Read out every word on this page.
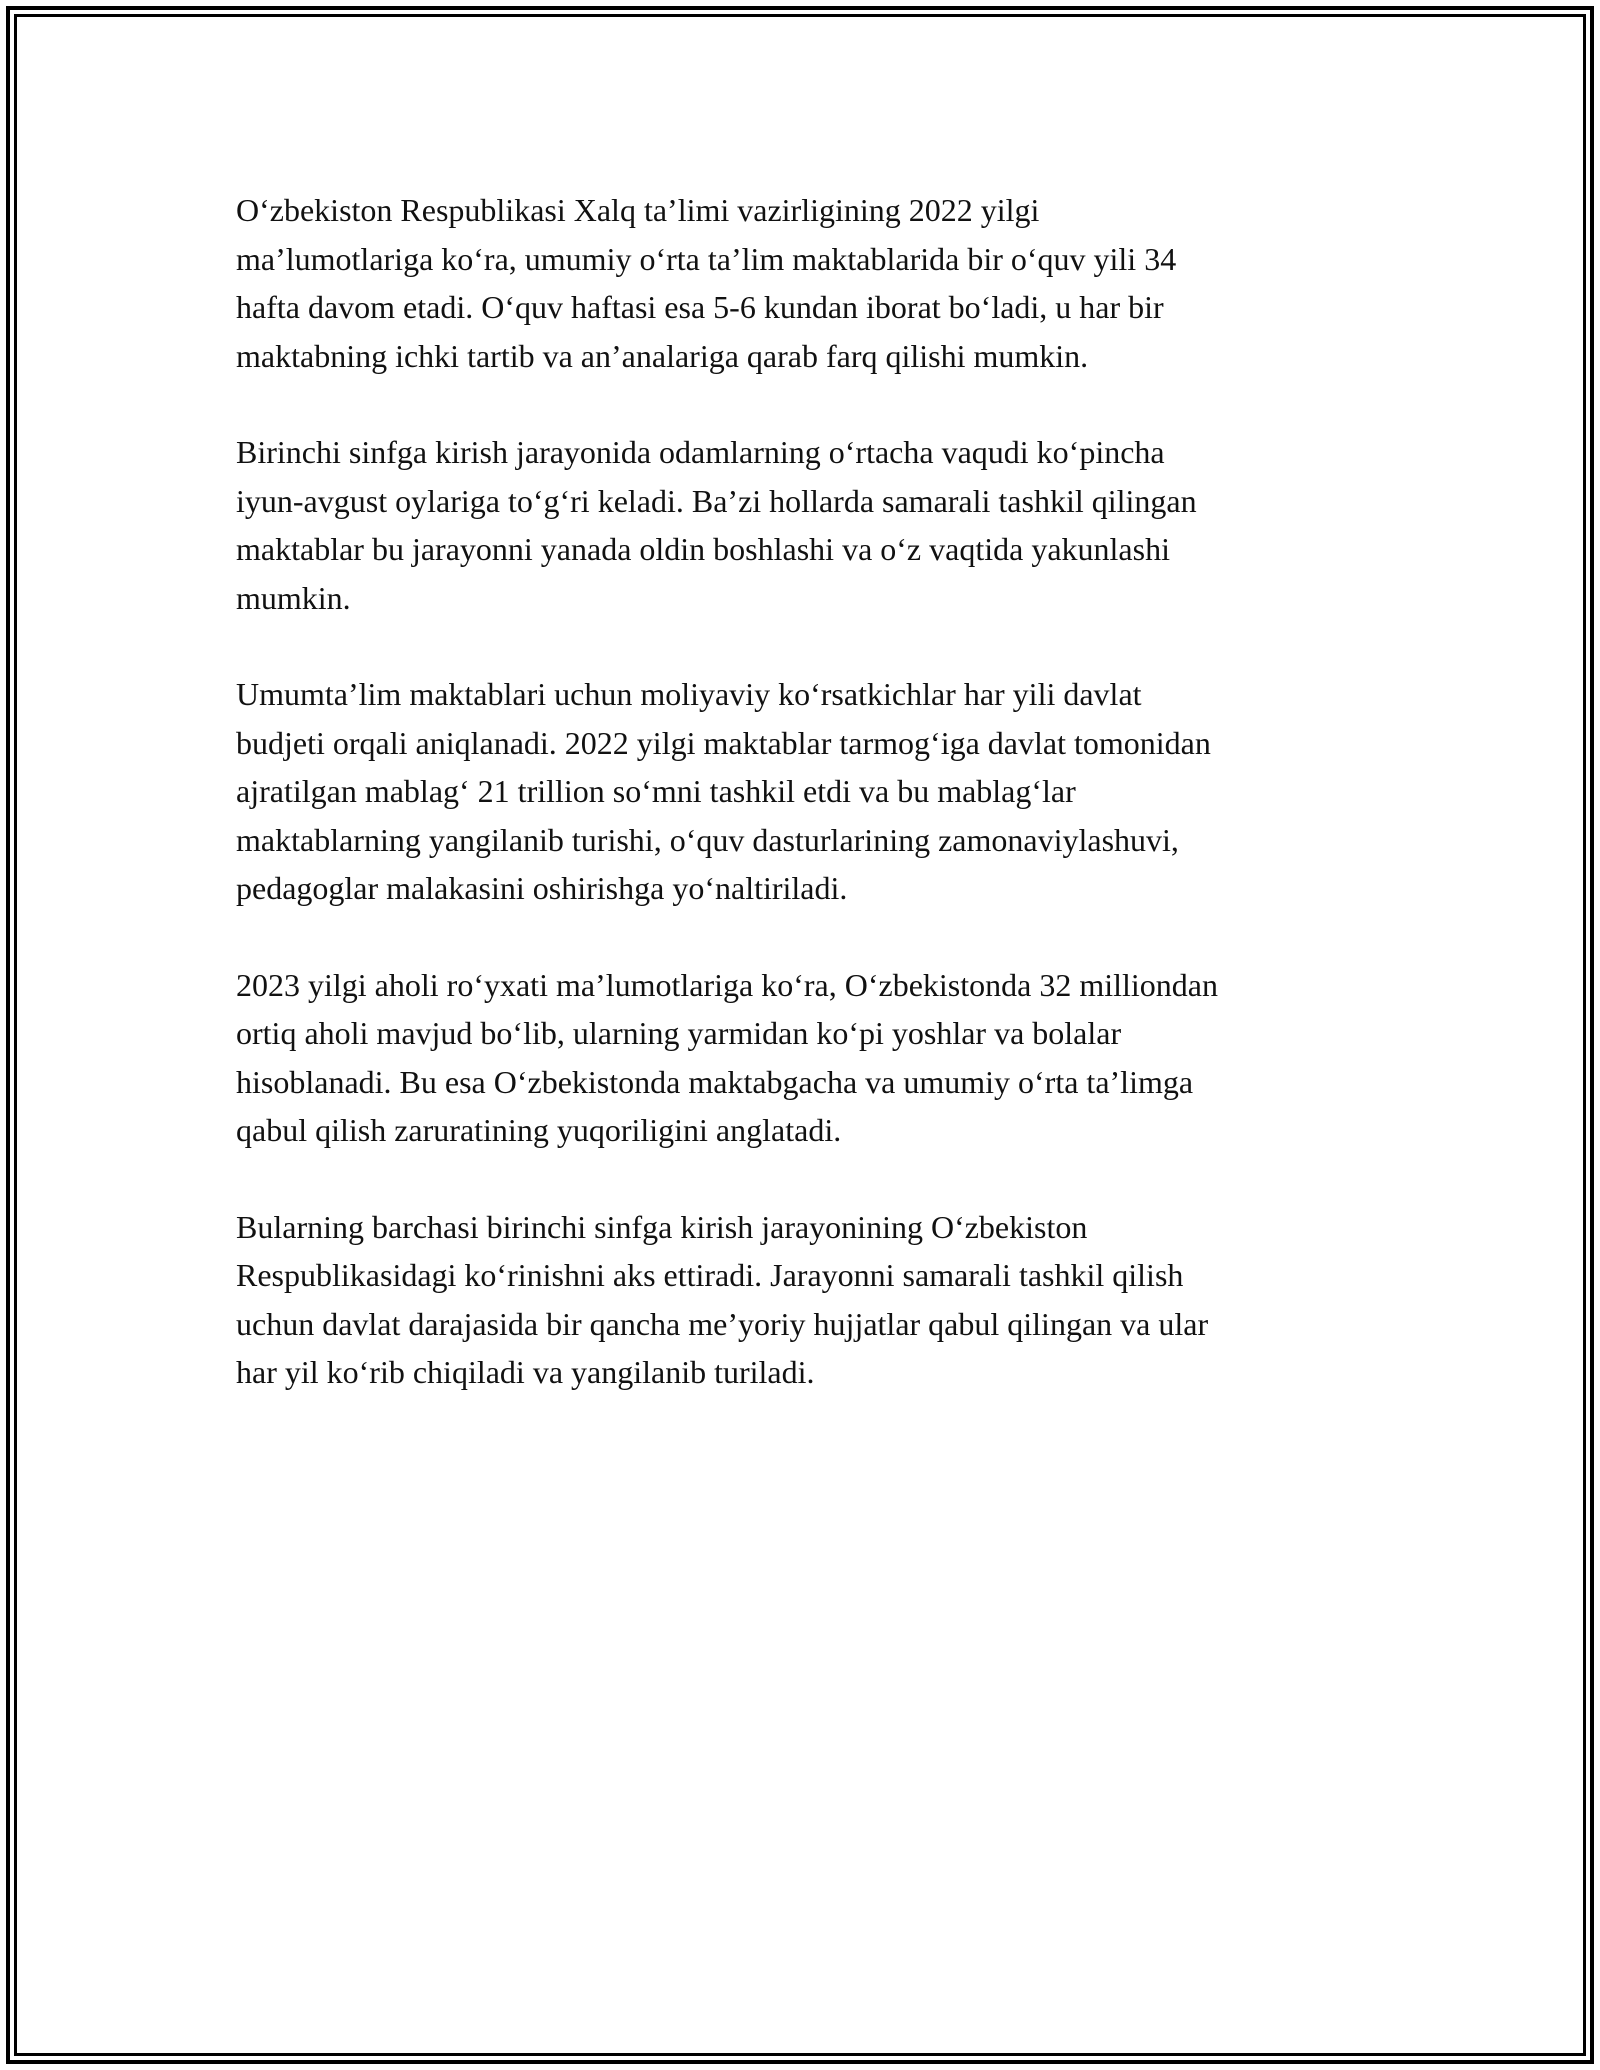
O‘zbekiston Respublikasi Xalq ta’limi vazirligining 2022 yilgi
ma’lumotlariga ko‘ra, umumiy o‘rta ta’lim maktablarida bir o‘quv yili 34
hafta davom etadi. O‘quv haftasi esa 5-6 kundan iborat bo‘ladi, u har bir
maktabning ichki tartib va an’analariga qarab farq qilishi mumkin.

Birinchi sinfga kirish jarayonida odamlarning o‘rtacha vaqudi ko‘pincha
iyun-avgust oylariga to‘g‘ri keladi. Ba’zi hollarda samarali tashkil qilingan
maktablar bu jarayonni yanada oldin boshlashi va o‘z vaqtida yakunlashi
mumkin.

Umumta’lim maktablari uchun moliyaviy ko‘rsatkichlar har yili davlat
budjeti orqali aniqlanadi. 2022 yilgi maktablar tarmog‘iga davlat tomonidan
ajratilgan mablag‘ 21 trillion so‘mni tashkil etdi va bu mablag‘lar
maktablarning yangilanib turishi, o‘quv dasturlarining zamonaviylashuvi,
pedagoglar malakasini oshirishga yo‘naltiriladi.

2023 yilgi aholi ro‘yxati ma’lumotlariga ko‘ra, O‘zbekistonda 32 milliondan
ortiq aholi mavjud bo‘lib, ularning yarmidan ko‘pi yoshlar va bolalar
hisoblanadi. Bu esa O‘zbekistonda maktabgacha va umumiy o‘rta ta’limga
qabul qilish zaruratining yuqoriligini anglatadi.

Bularning barchasi birinchi sinfga kirish jarayonining O‘zbekiston
Respublikasidagi ko‘rinishni aks ettiradi. Jarayonni samarali tashkil qilish
uchun davlat darajasida bir qancha me’yoriy hujjatlar qabul qilingan va ular
har yil ko‘rib chiqiladi va yangilanib turiladi.
